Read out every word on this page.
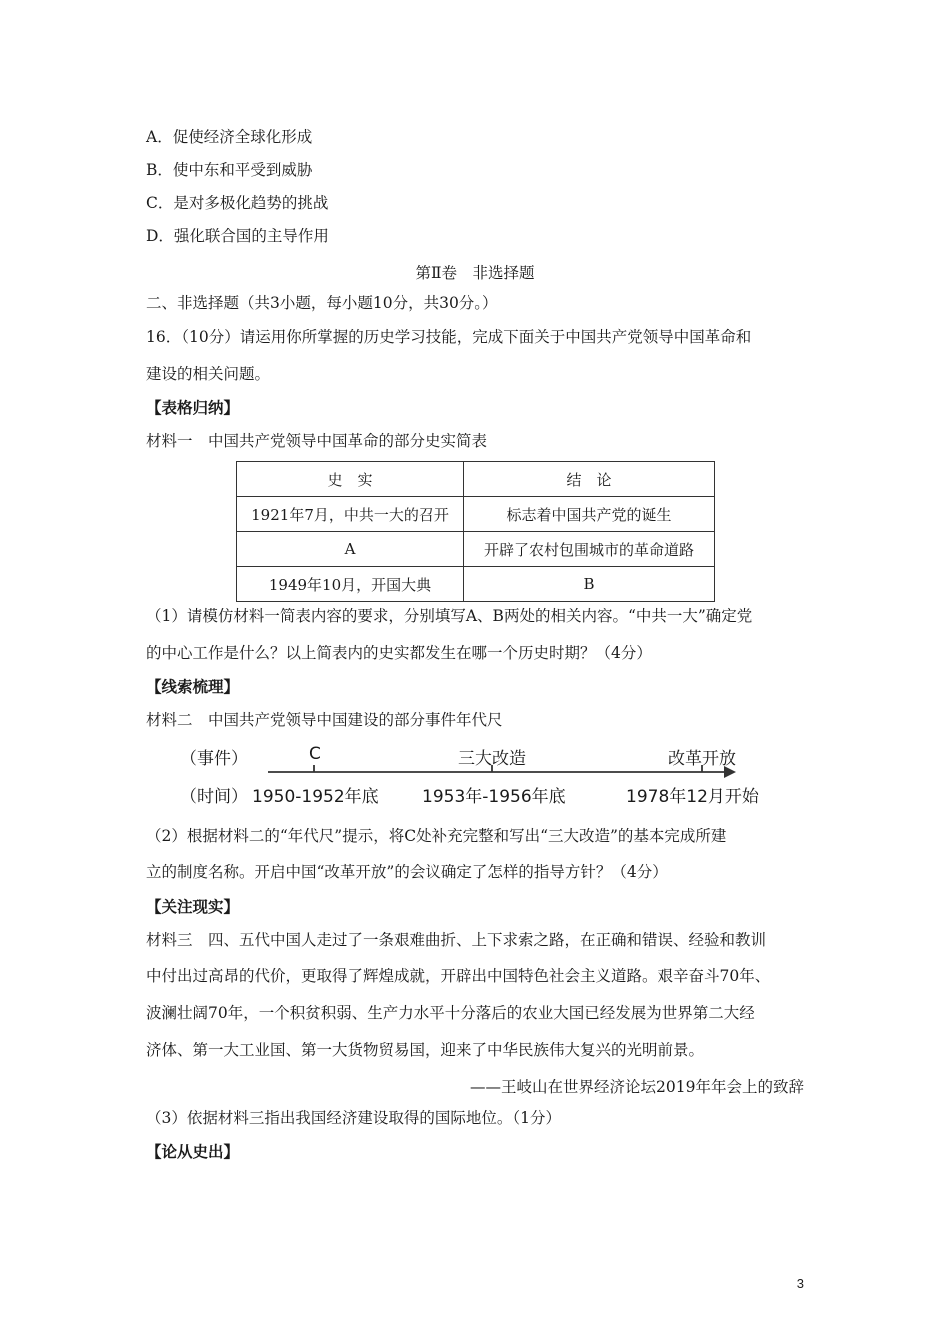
A．促使经济全球化形成
B．使中东和平受到威胁
C．是对多极化趋势的挑战
D．强化联合国的主导作用
第Ⅱ卷　非选择题
二、非选择题（共3小题，每小题10分，共30分。）
16．（10分）请运用你所掌握的历史学习技能，完成下面关于中国共产党领导中国革命和
建设的相关问题。
【表格归纳】
材料一　中国共产党领导中国革命的部分史实简表
史　实	结　论
1921年7月，中共一大的召开	标志着中国共产党的诞生
A	开辟了农村包围城市的革命道路
1949年10月，开国大典	B
（1）请模仿材料一简表内容的要求，分别填写A、B两处的相关内容。“中共一大”确定党
的中心工作是什么？以上简表内的史实都发生在哪一个历史时期？（4分）
【线索梳理】
材料二　中国共产党领导中国建设的部分事件年代尺
（事件）
（时间）
C	三大改造	改革开放
1950-1952年底	1953年-1956年底	1978年12月开始
（2）根据材料二的“年代尺”提示，将C处补充完整和写出“三大改造”的基本完成所建
立的制度名称。开启中国“改革开放”的会议确定了怎样的指导方针？（4分）
【关注现实】
材料三　四、五代中国人走过了一条艰难曲折、上下求索之路，在正确和错误、经验和教训
中付出过高昂的代价，更取得了辉煌成就，开辟出中国特色社会主义道路。艰辛奋斗70年、
波澜壮阔70年，一个积贫积弱、生产力水平十分落后的农业大国已经发展为世界第二大经
济体、第一大工业国、第一大货物贸易国，迎来了中华民族伟大复兴的光明前景。
——王岐山在世界经济论坛2019年年会上的致辞
（3）依据材料三指出我国经济建设取得的国际地位。（1分）
【论从史出】
3
